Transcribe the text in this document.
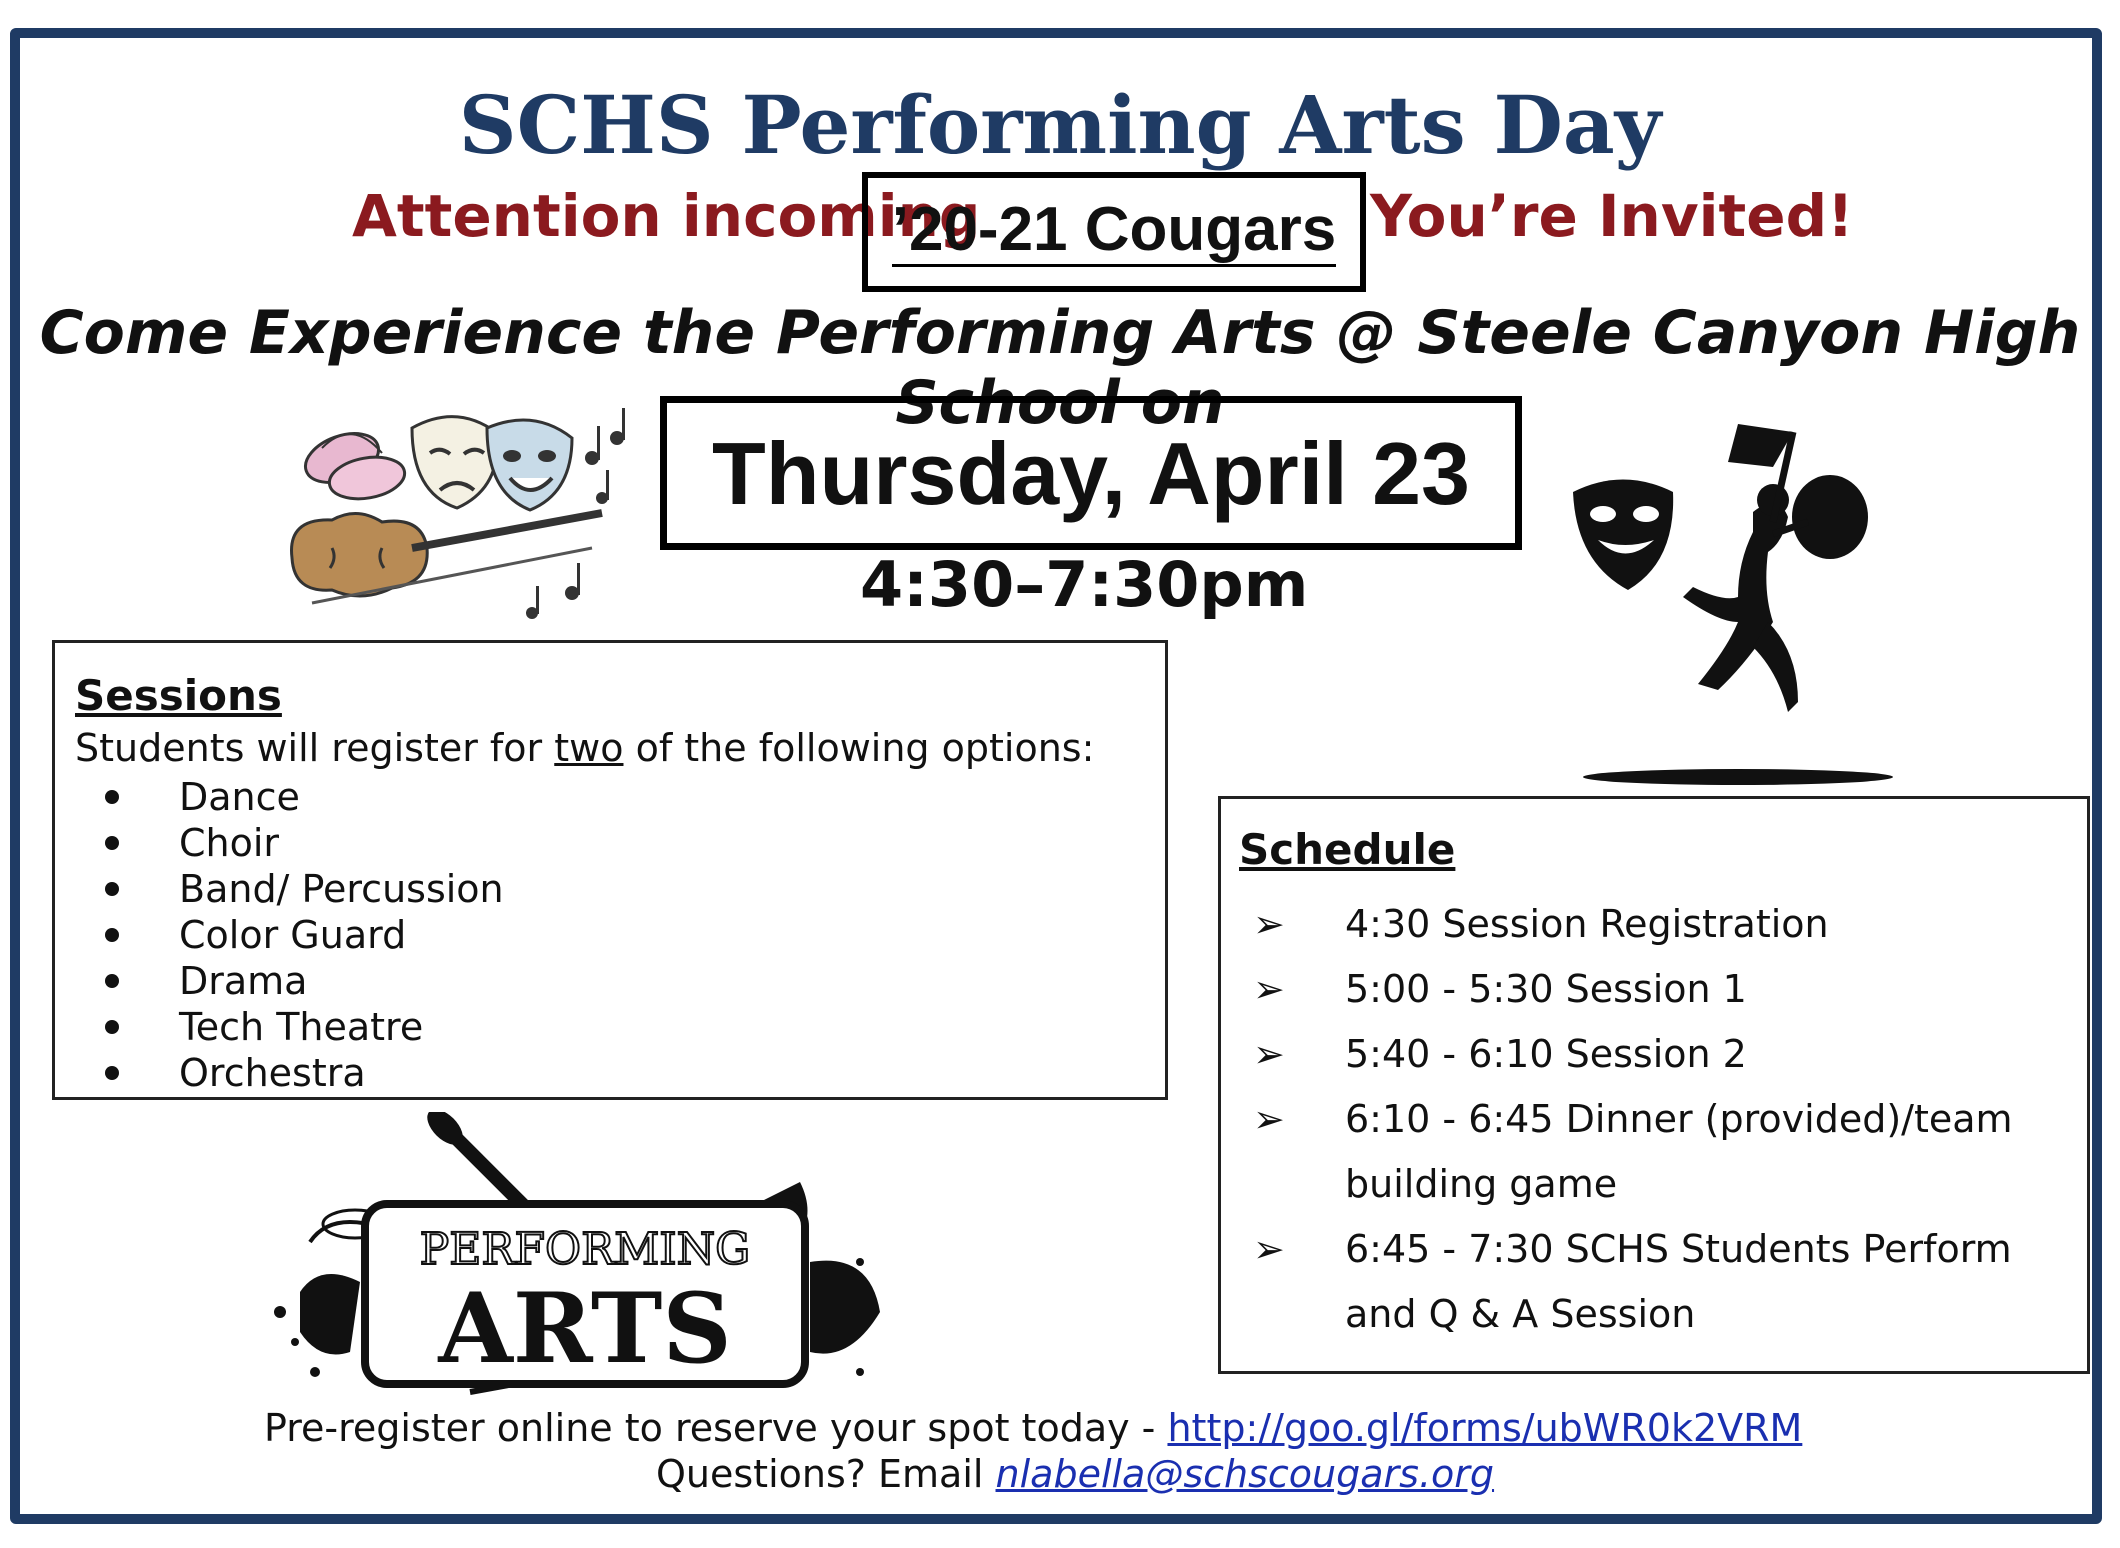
SCHS Performing Arts Day
Attention incoming
’20-21 Cougars You’re Invited!
Come Experience the Performing Arts @ Steele Canyon High School on
Thursday, April 23
4:30–7:30pm

Sessions

Students will register for two of the following options:

Dance
Choir
Band/ Percussion
Color Guard
Drama
Tech Theatre
Orchestra
PERFORMING
ARTS

Schedule

➢ 4:30 Session Registration
➢ 5:00 - 5:30 Session 1
➢ 5:40 - 6:10 Session 2
➢ 6:10 - 6:45 Dinner (provided)/team building game
➢ 6:45 - 7:30 SCHS Students Perform and Q & A Session
Pre-register online to reserve your spot today - http://goo.gl/forms/ubWR0k2VRM
Questions? Email nlabella@schscougars.org
